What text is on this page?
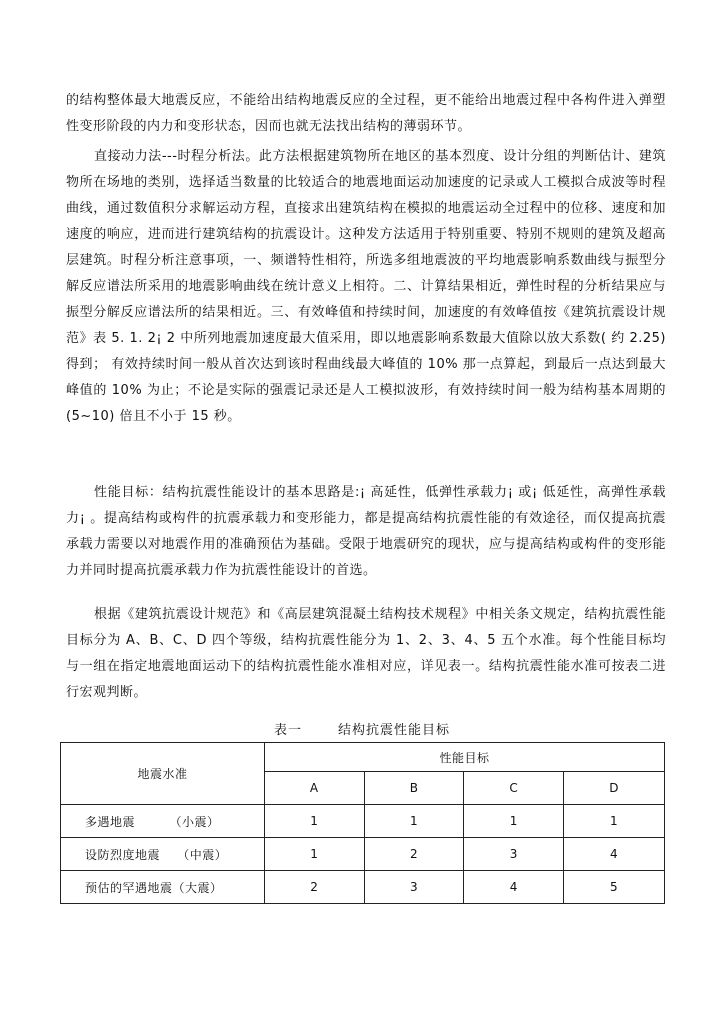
的结构整体最大地震反应，不能给出结构地震反应的全过程，更不能给出地震过程中各构件进入弹塑性变形阶段的内力和变形状态，因而也就无法找出结构的薄弱环节。

直接动力法---时程分析法。此方法根据建筑物所在地区的基本烈度、设计分组的判断估计、建筑物所在场地的类别，选择适当数量的比较适合的地震地面运动加速度的记录或人工模拟合成波等时程曲线，通过数值积分求解运动方程，直接求出建筑结构在模拟的地震运动全过程中的位移、速度和加速度的响应，进而进行建筑结构的抗震设计。这种发方法适用于特别重要、特别不规则的建筑及超高层建筑。时程分析注意事项，一、频谱特性相符，所选多组地震波的平均地震影响系数曲线与振型分解反应谱法所采用的地震影响曲线在统计意义上相符。二、计算结果相近，弹性时程的分析结果应与振型分解反应谱法所的结果相近。三、有效峰值和持续时间，加速度的有效峰值按《建筑抗震设计规范》表 5. 1. 2¡ 2 中所列地震加速度最大值采用，即以地震影响系数最大值除以放大系数( 约 2.25) 得到； 有效持续时间一般从首次达到该时程曲线最大峰值的 10% 那一点算起，到最后一点达到最大峰值的 10% 为止；不论是实际的强震记录还是人工模拟波形，有效持续时间一般为结构基本周期的(5~10) 倍且不小于 15 秒。

性能目标：结构抗震性能设计的基本思路是:¡ 高延性，低弹性承载力¡ 或¡ 低延性，高弹性承载力¡ 。提高结构或构件的抗震承载力和变形能力，都是提高结构抗震性能的有效途径，而仅提高抗震承载力需要以对地震作用的准确预估为基础。受限于地震研究的现状，应与提高结构或构件的变形能力并同时提高抗震承载力作为抗震性能设计的首选。

根据《建筑抗震设计规范》和《高层建筑混凝土结构技术规程》中相关条文规定，结构抗震性能目标分为 A、B、C、D 四个等级，结构抗震性能分为 1、2、3、4、5 五个水准。每个性能目标均与一组在指定地震地面运动下的结构抗震性能水准相对应，详见表一。结构抗震性能水准可按表二进行宏观判断。

表一       结构抗震性能目标
地震水准	性能目标			
	A	B	C	D
多遇地震        （小震）	1	1	1	1
设防烈度地震    （中震）	1	2	3	4
预估的罕遇地震（大震）	2	3	4	5
